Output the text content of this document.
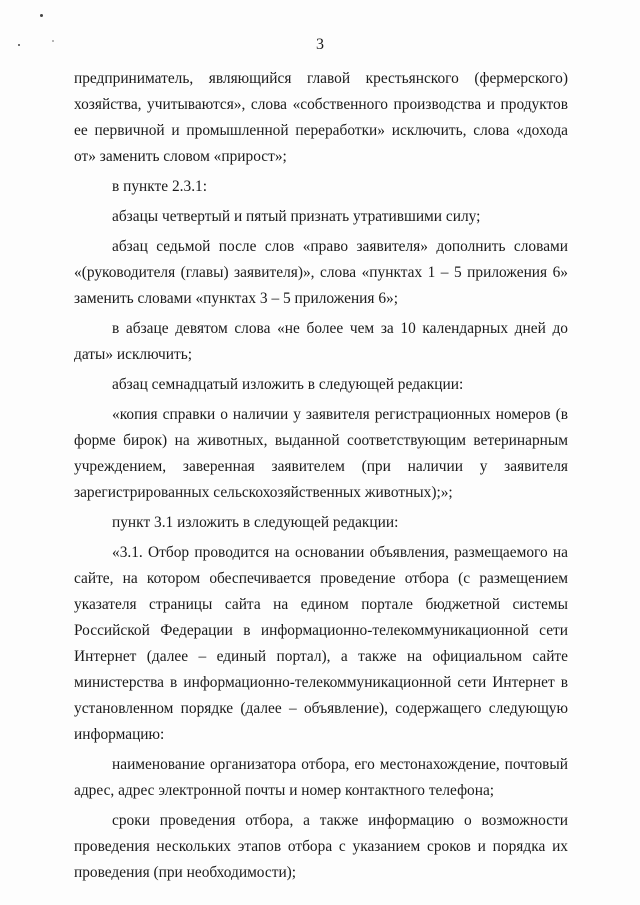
3

предприниматель, являющийся главой крестьянского (фермерского) хозяйства, учитываются», слова «собственного производства и продуктов ее первичной и промышленной переработки» исключить, слова «дохода от» заменить словом «прирост»;

в пункте 2.3.1:

абзацы четвертый и пятый признать утратившими силу;

абзац седьмой после слов «право заявителя» дополнить словами «(руководителя (главы) заявителя)», слова «пунктах 1 – 5 приложения 6» заменить словами «пунктах 3 – 5 приложения 6»;

в абзаце девятом слова «не более чем за 10 календарных дней до даты» исключить;

абзац семнадцатый изложить в следующей редакции:

«копия справки о наличии у заявителя регистрационных номеров (в форме бирок) на животных, выданной соответствующим ветеринарным учреждением, заверенная заявителем (при наличии у заявителя зарегистрированных сельскохозяйственных животных);»;

пункт 3.1 изложить в следующей редакции:

«3.1. Отбор проводится на основании объявления, размещаемого на сайте, на котором обеспечивается проведение отбора (с размещением указателя страницы сайта на едином портале бюджетной системы Российской Федерации в информационно-телекоммуникационной сети Интернет (далее – единый портал), а также на официальном сайте министерства в информационно-телекоммуникационной сети Интернет в установленном порядке (далее – объявление), содержащего следующую информацию:

наименование организатора отбора, его местонахождение, почтовый адрес, адрес электронной почты и номер контактного телефона;

сроки проведения отбора, а также информацию о возможности проведения нескольких этапов отбора с указанием сроков и порядка их проведения (при необходимости);
